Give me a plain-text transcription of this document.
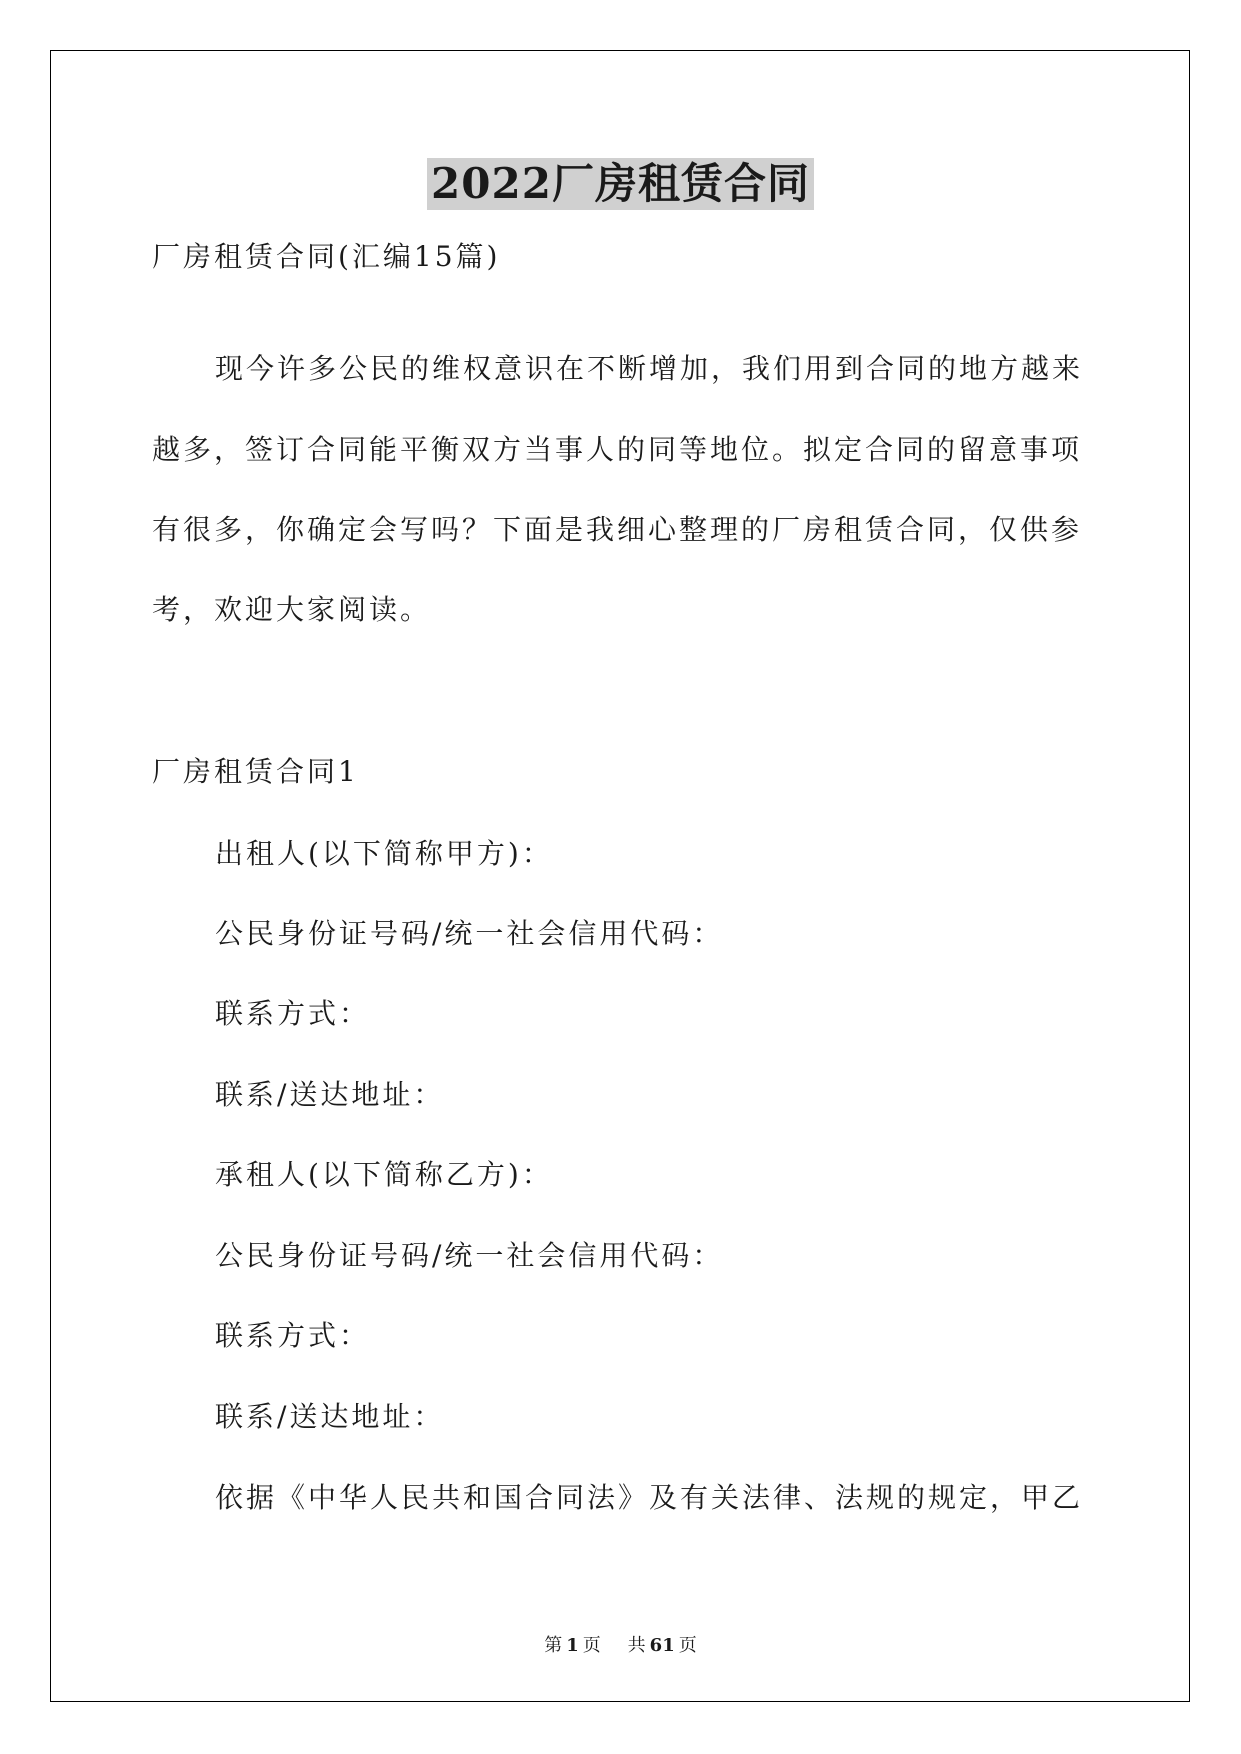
2022厂房租赁合同
厂房租赁合同(汇编15篇)
现今许多公民的维权意识在不断增加，我们用到合同的地方越来
越多，签订合同能平衡双方当事人的同等地位。拟定合同的留意事项
有很多，你确定会写吗？下面是我细心整理的厂房租赁合同，仅供参
考，欢迎大家阅读。
厂房租赁合同1
出租人(以下简称甲方)：
公民身份证号码/统一社会信用代码：
联系方式：
联系/送达地址：
承租人(以下简称乙方)：
公民身份证号码/统一社会信用代码：
联系方式：
联系/送达地址：
依据《中华人民共和国合同法》及有关法律、法规的规定，甲乙
第 1 页 共 61 页
